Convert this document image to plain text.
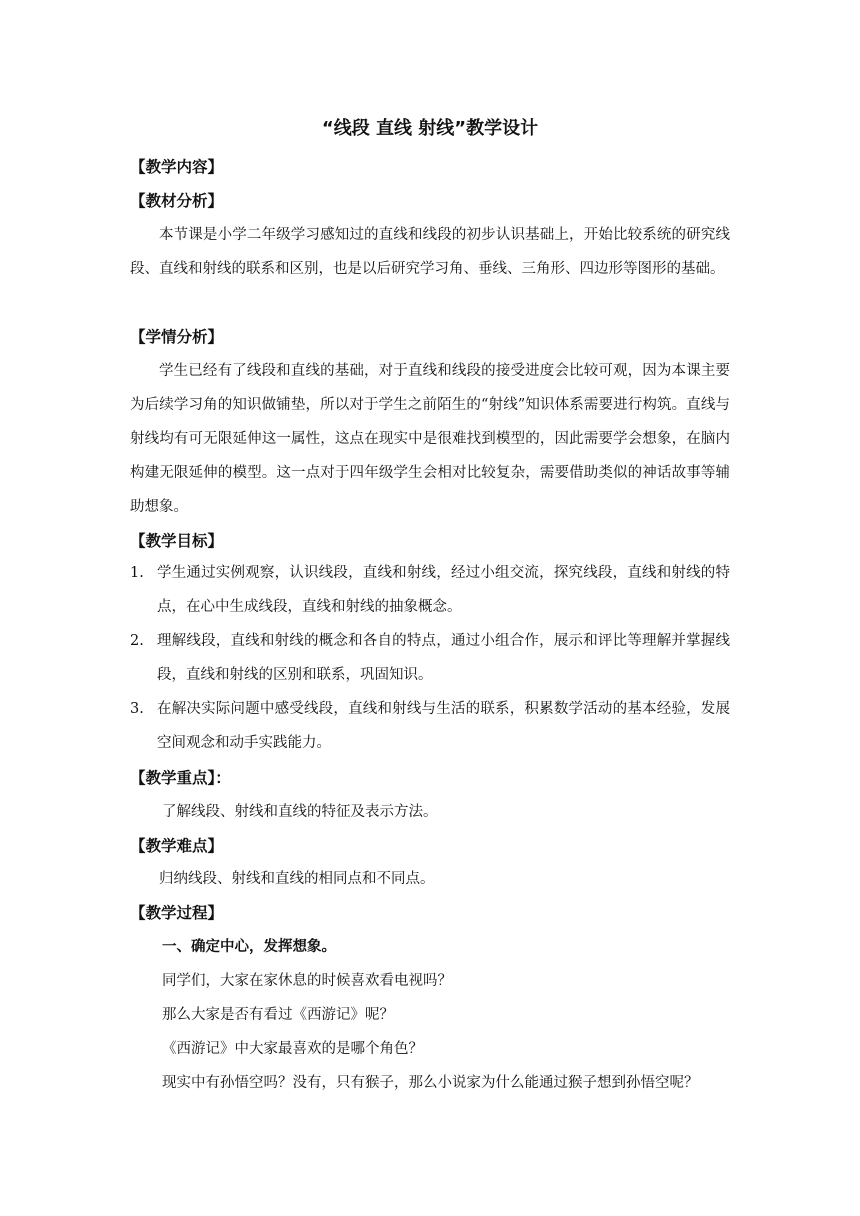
“线段 直线 射线”教学设计
【教学内容】
【教材分析】

本节课是小学二年级学习感知过的直线和线段的初步认识基础上，开始比较系统的研究线段、直线和射线的联系和区别，也是以后研究学习角、垂线、三角形、四边形等图形的基础。

【学情分析】

学生已经有了线段和直线的基础，对于直线和线段的接受进度会比较可观，因为本课主要为后续学习角的知识做铺垫，所以对于学生之前陌生的“射线”知识体系需要进行构筑。直线与射线均有可无限延伸这一属性，这点在现实中是很难找到模型的，因此需要学会想象，在脑内构建无限延伸的模型。这一点对于四年级学生会相对比较复杂，需要借助类似的神话故事等辅助想象。

【教学目标】
1. 学生通过实例观察，认识线段，直线和射线，经过小组交流，探究线段，直线和射线的特点，在心中生成线段，直线和射线的抽象概念。
2. 理解线段，直线和射线的概念和各自的特点，通过小组合作，展示和评比等理解并掌握线段，直线和射线的区别和联系，巩固知识。
3. 在解决实际问题中感受线段，直线和射线与生活的联系，积累数学活动的基本经验，发展空间观念和动手实践能力。
【教学重点】：
了解线段、射线和直线的特征及表示方法。
【教学难点】
归纳线段、射线和直线的相同点和不同点。
【教学过程】
一、确定中心，发挥想象。
同学们，大家在家休息的时候喜欢看电视吗？
那么大家是否有看过《西游记》呢？
《西游记》中大家最喜欢的是哪个角色？
现实中有孙悟空吗？没有，只有猴子，那么小说家为什么能通过猴子想到孙悟空呢？
